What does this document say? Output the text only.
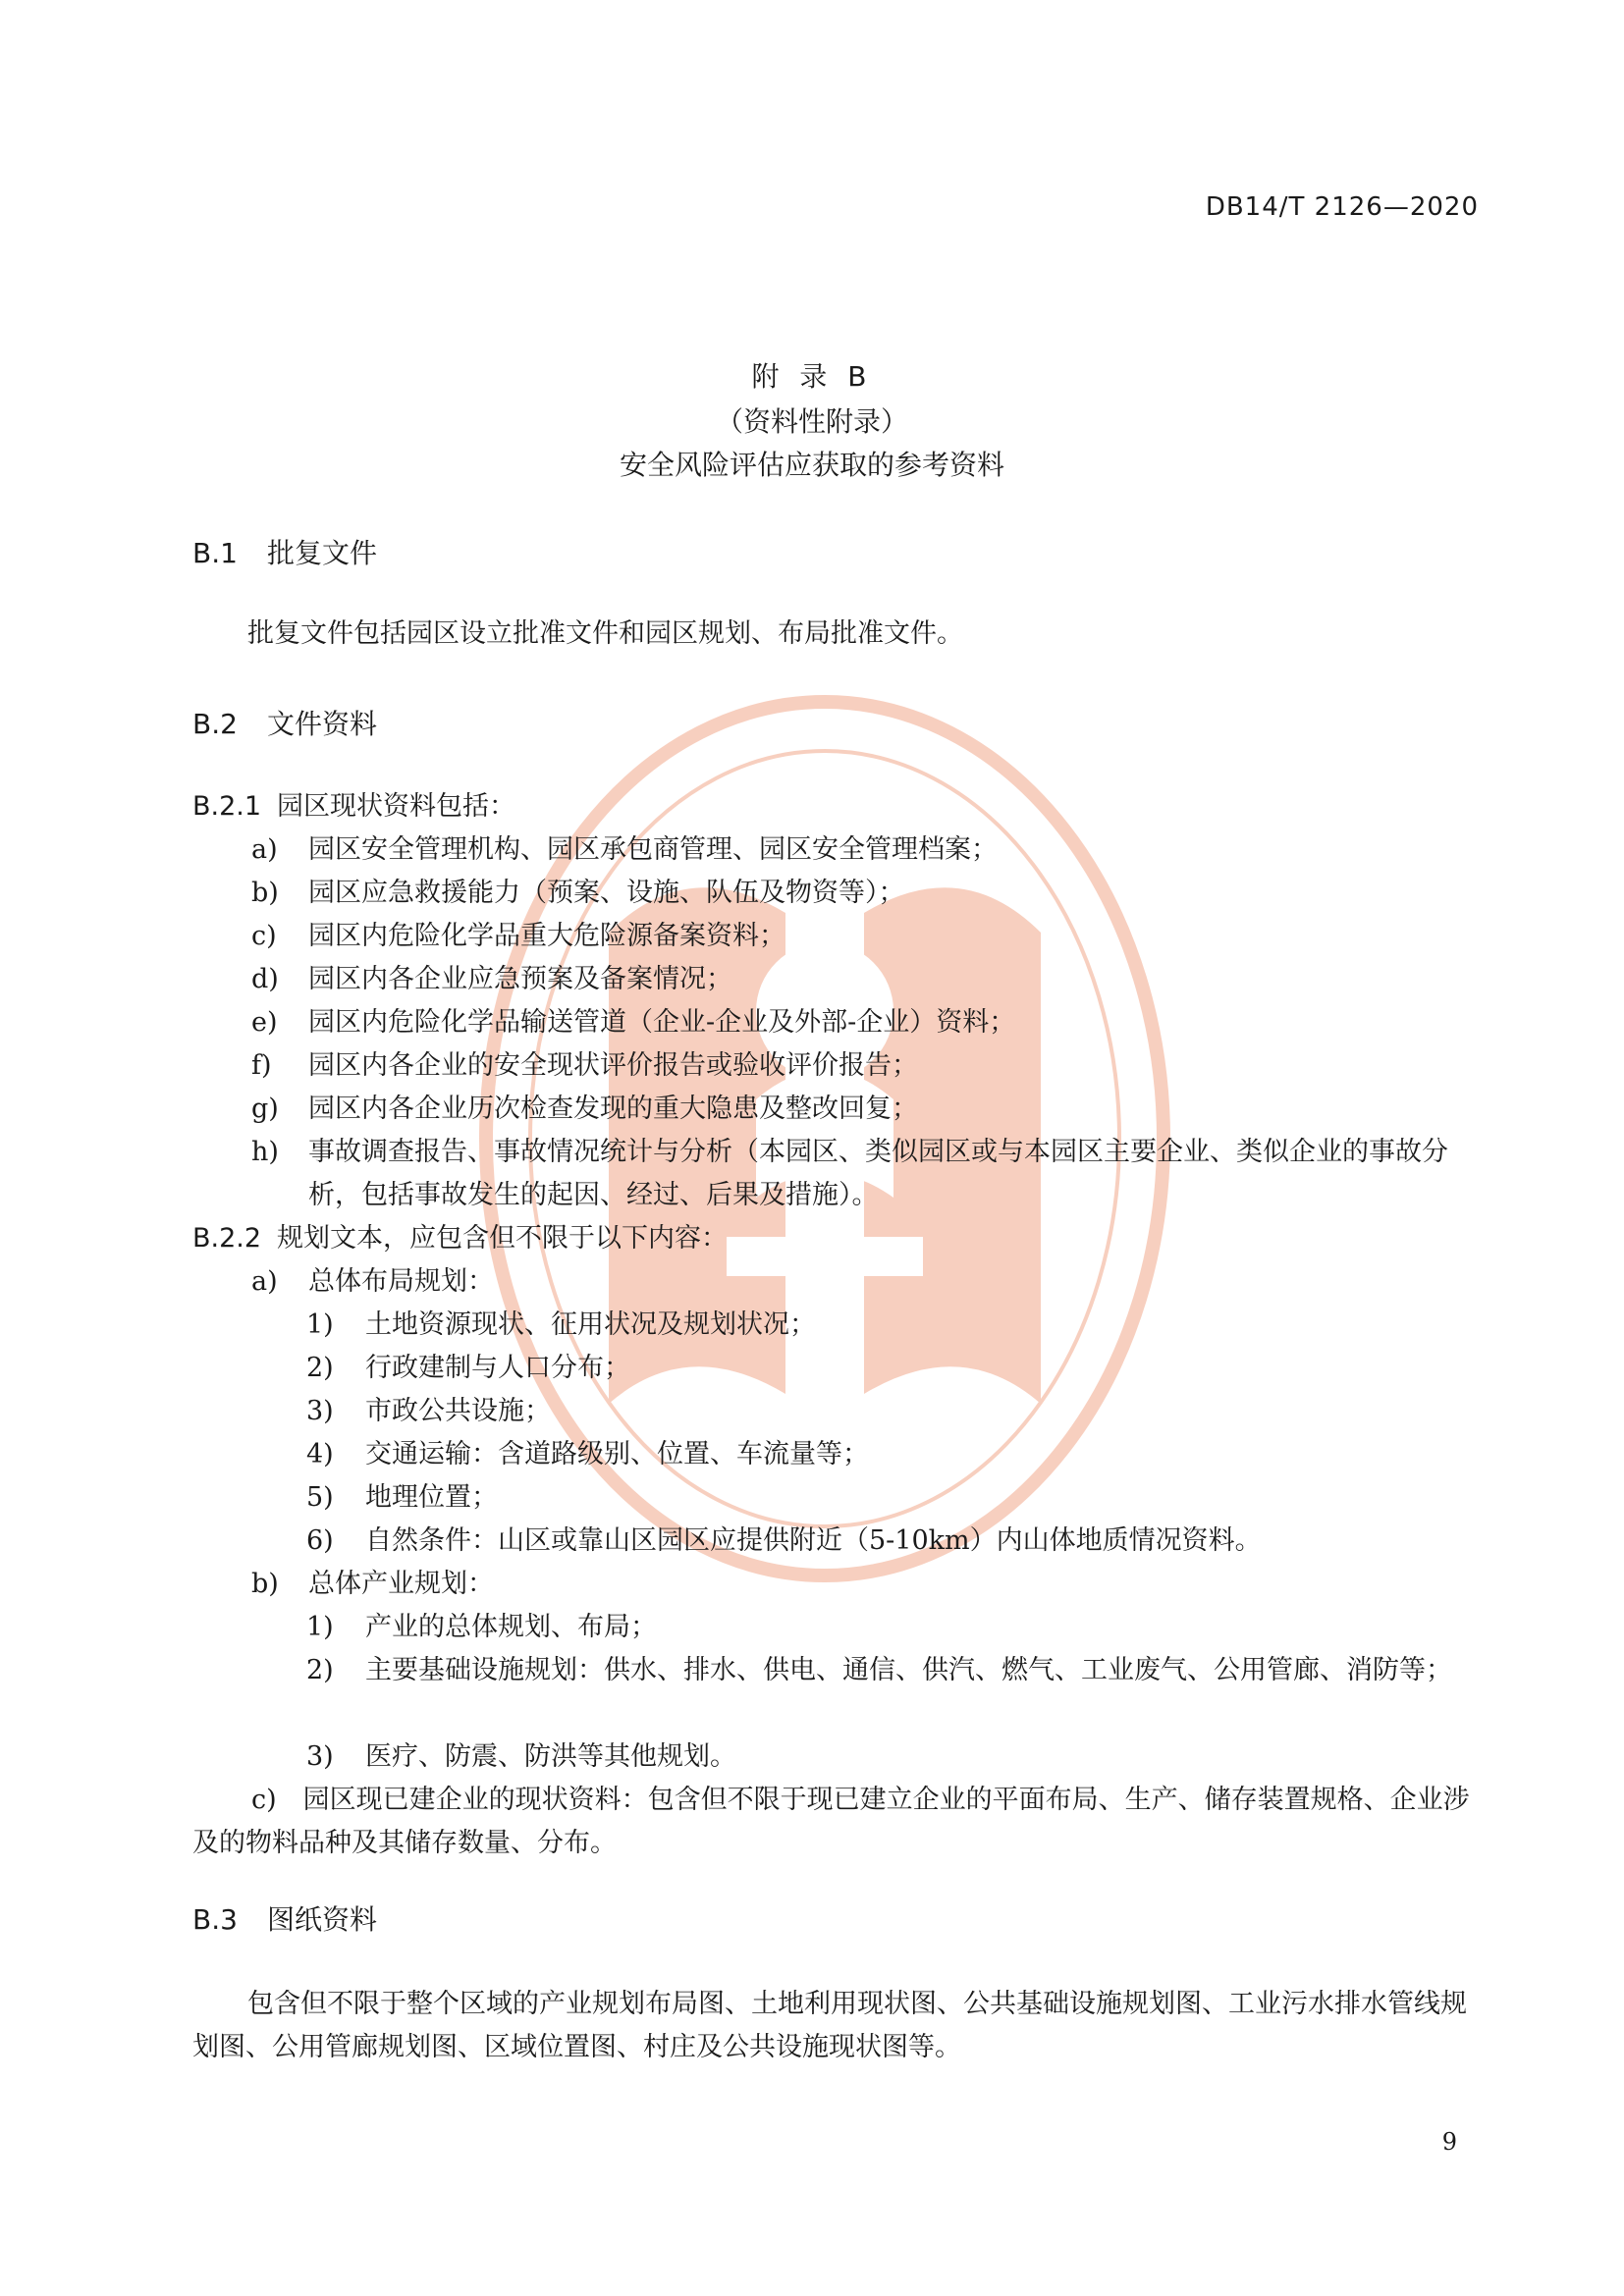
DB14/T 2126—2020
附 录 B
（资料性附录）
安全风险评估应获取的参考资料
B.1 批复文件
批复文件包括园区设立批准文件和园区规划、布局批准文件。
B.2 文件资料
B.2.1 园区现状资料包括：
a)	园区安全管理机构、园区承包商管理、园区安全管理档案；
b)	园区应急救援能力（预案、设施、队伍及物资等）；
c)	园区内危险化学品重大危险源备案资料；
d)	园区内各企业应急预案及备案情况；
e)	园区内危险化学品输送管道（企业-企业及外部-企业）资料；
f)	园区内各企业的安全现状评价报告或验收评价报告；
g)	园区内各企业历次检查发现的重大隐患及整改回复；
h)	事故调查报告、事故情况统计与分析（本园区、类似园区或与本园区主要企业、类似企业的事故分析，包括事故发生的起因、经过、后果及措施）。
B.2.2 规划文本，应包含但不限于以下内容：
a)	总体布局规划：
1)	土地资源现状、征用状况及规划状况；
2)	行政建制与人口分布；
3)	市政公共设施；
4)	交通运输：含道路级别、位置、车流量等；
5)	地理位置；
6)	自然条件：山区或靠山区园区应提供附近（5-10km）内山体地质情况资料。
b)	总体产业规划：
1)	产业的总体规划、布局；
2)	主要基础设施规划：供水、排水、供电、通信、供汽、燃气、工业废气、公用管廊、消防等；
3)	医疗、防震、防洪等其他规划。
c)　 园区现已建企业的现状资料：包含但不限于现已建立企业的平面布局、生产、储存装置规格、企业涉及的物料品种及其储存数量、分布。
B.3 图纸资料
包含但不限于整个区域的产业规划布局图、土地利用现状图、公共基础设施规划图、工业污水排水管线规划图、公用管廊规划图、区域位置图、村庄及公共设施现状图等。
9
